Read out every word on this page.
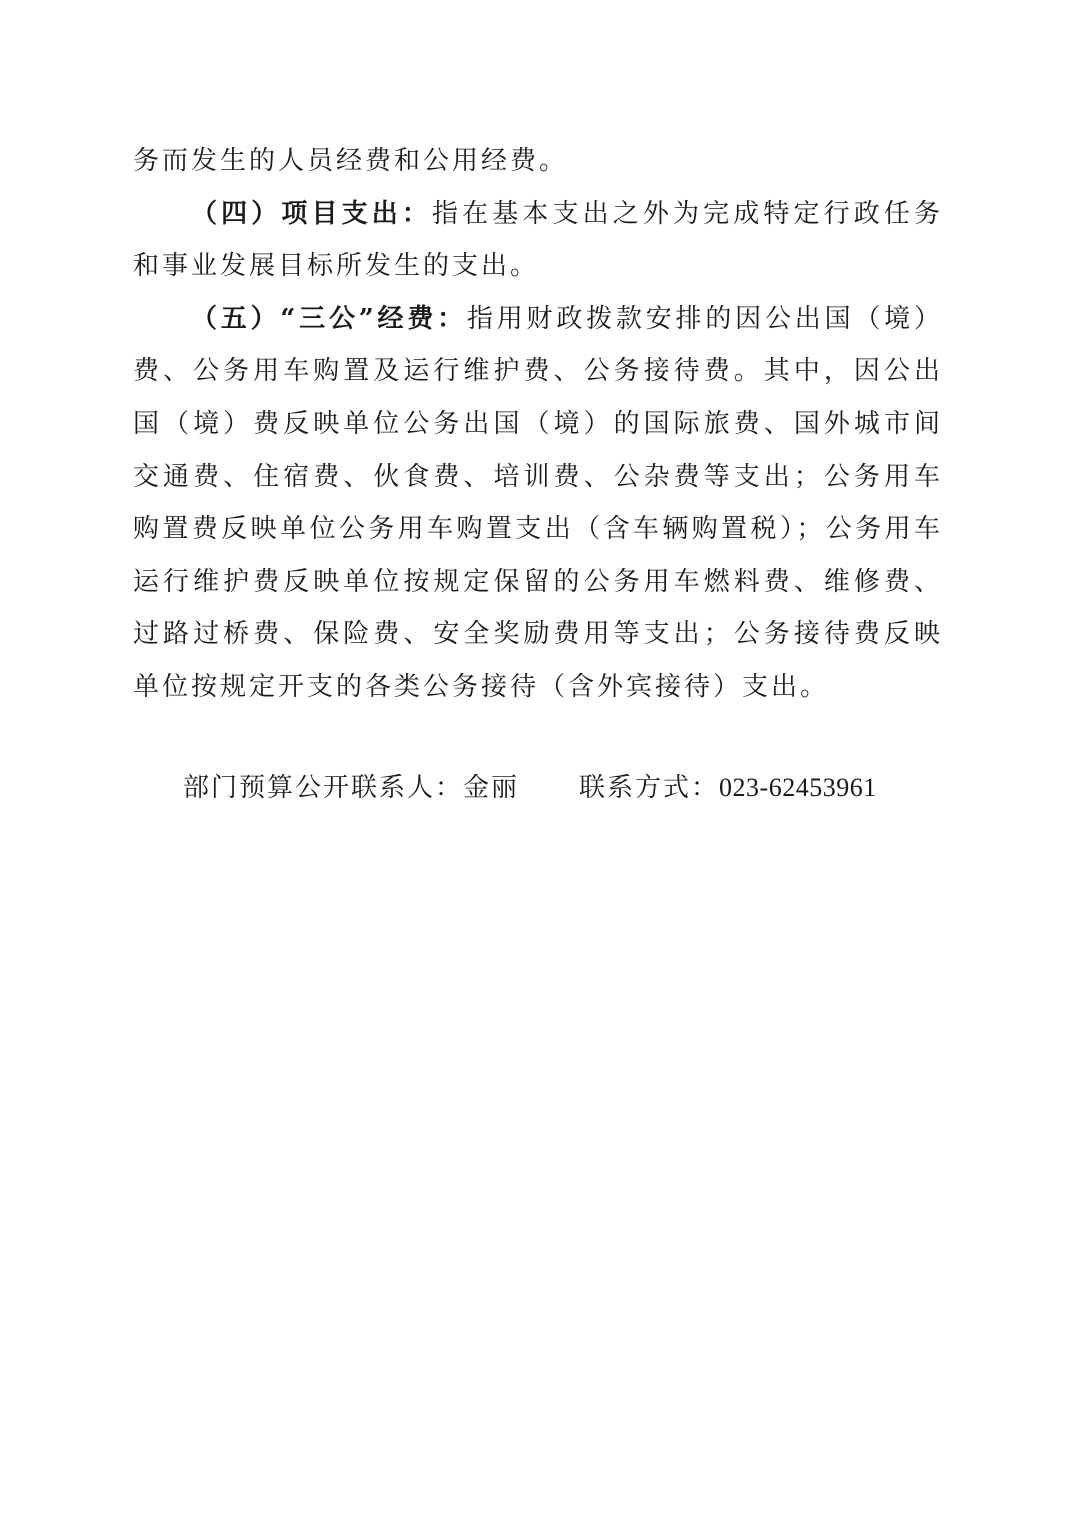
务而发生的人员经费和公用经费。

（四）项目支出：指在基本支出之外为完成特定行政任务和事业发展目标所发生的支出。

（五）“三公”经费：指用财政拨款安排的因公出国（境）费、公务用车购置及运行维护费、公务接待费。其中，因公出国（境）费反映单位公务出国（境）的国际旅费、国外城市间交通费、住宿费、伙食费、培训费、公杂费等支出；公务用车购置费反映单位公务用车购置支出（含车辆购置税）；公务用车运行维护费反映单位按规定保留的公务用车燃料费、维修费、过路过桥费、保险费、安全奖励费用等支出；公务接待费反映单位按规定开支的各类公务接待（含外宾接待）支出。

部门预算公开联系人：金丽 联系方式：023-62453961
